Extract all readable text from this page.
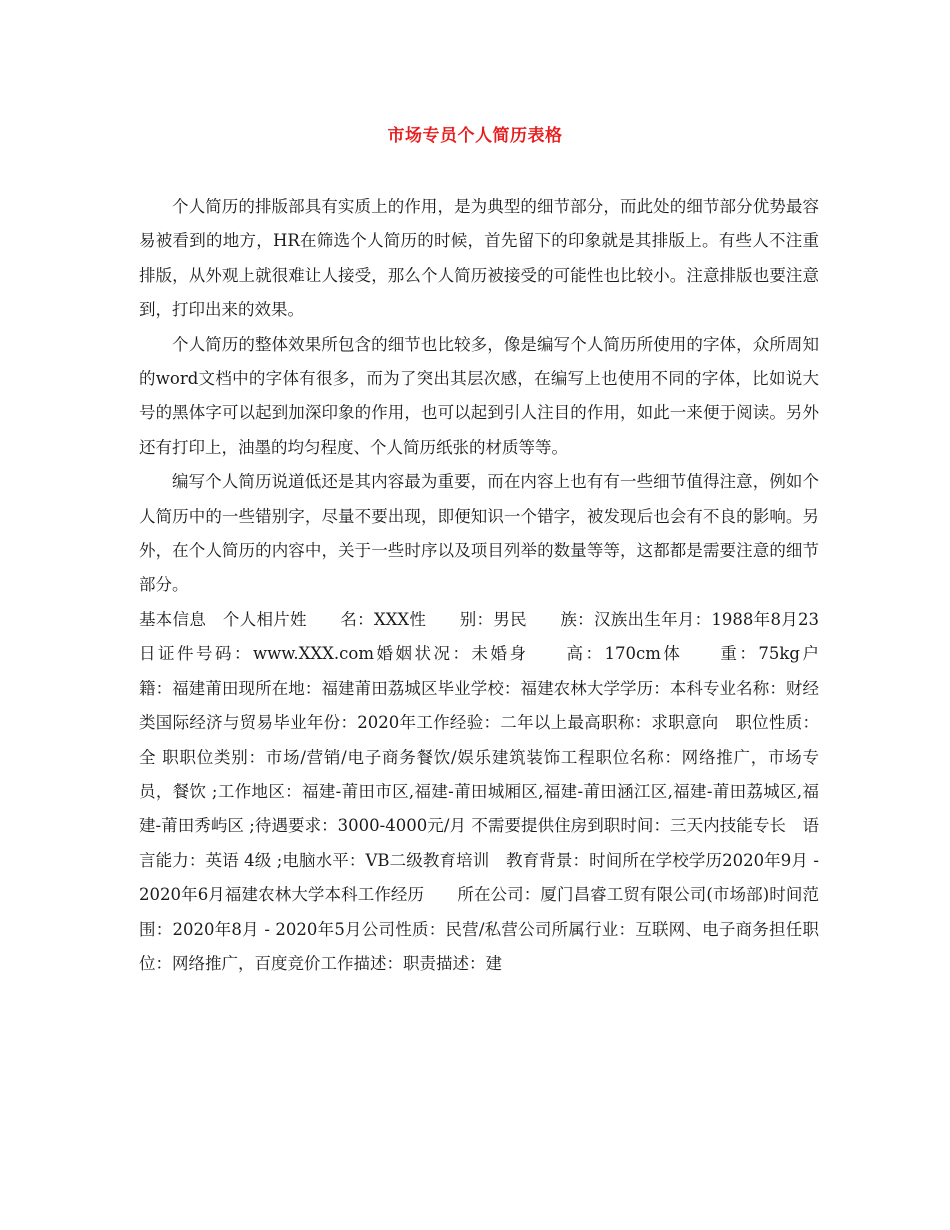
市场专员个人简历表格

个人简历的排版部具有实质上的作用，是为典型的细节部分，而此处的细节部分优势最容易被看到的地方，HR在筛选个人简历的时候，首先留下的印象就是其排版上。有些人不注重排版，从外观上就很难让人接受，那么个人简历被接受的可能性也比较小。注意排版也要注意到，打印出来的效果。

个人简历的整体效果所包含的细节也比较多，像是编写个人简历所使用的字体，众所周知的word文档中的字体有很多，而为了突出其层次感，在编写上也使用不同的字体，比如说大号的黑体字可以起到加深印象的作用，也可以起到引人注目的作用，如此一来便于阅读。另外还有打印上，油墨的均匀程度、个人简历纸张的材质等等。

编写个人简历说道低还是其内容最为重要，而在内容上也有有一些细节值得注意，例如个人简历中的一些错别字，尽量不要出现，即便知识一个错字，被发现后也会有不良的影响。另外，在个人简历的内容中，关于一些时序以及项目列举的数量等等，这都都是需要注意的细节部分。

基本信息　个人相片姓　　名：XXX性　　别：男民　　族：汉族出生年月：1988年8月23日证件号码：www.XXX.com婚姻状况：未婚身　　高：170cm体　　重：75kg户　　籍：福建莆田现所在地：福建莆田荔城区毕业学校：福建农林大学学历：本科专业名称：财经类国际经济与贸易毕业年份：2020年工作经验：二年以上最高职称：求职意向　职位性质：全 职职位类别：市场/营销/电子商务餐饮/娱乐建筑装饰工程职位名称：网络推广，市场专员，餐饮 ;工作地区：福建-莆田市区,福建-莆田城厢区,福建-莆田涵江区,福建-莆田荔城区,福建-莆田秀屿区 ;待遇要求：3000-4000元/月 不需要提供住房到职时间：三天内技能专长　语言能力：英语 4级 ;电脑水平：VB二级教育培训　教育背景：时间所在学校学历2020年9月 - 2020年6月福建农林大学本科工作经历　　所在公司：厦门昌睿工贸有限公司(市场部)时间范围：2020年8月 - 2020年5月公司性质：民营/私营公司所属行业：互联网、电子商务担任职位：网络推广，百度竞价工作描述：职责描述：建
